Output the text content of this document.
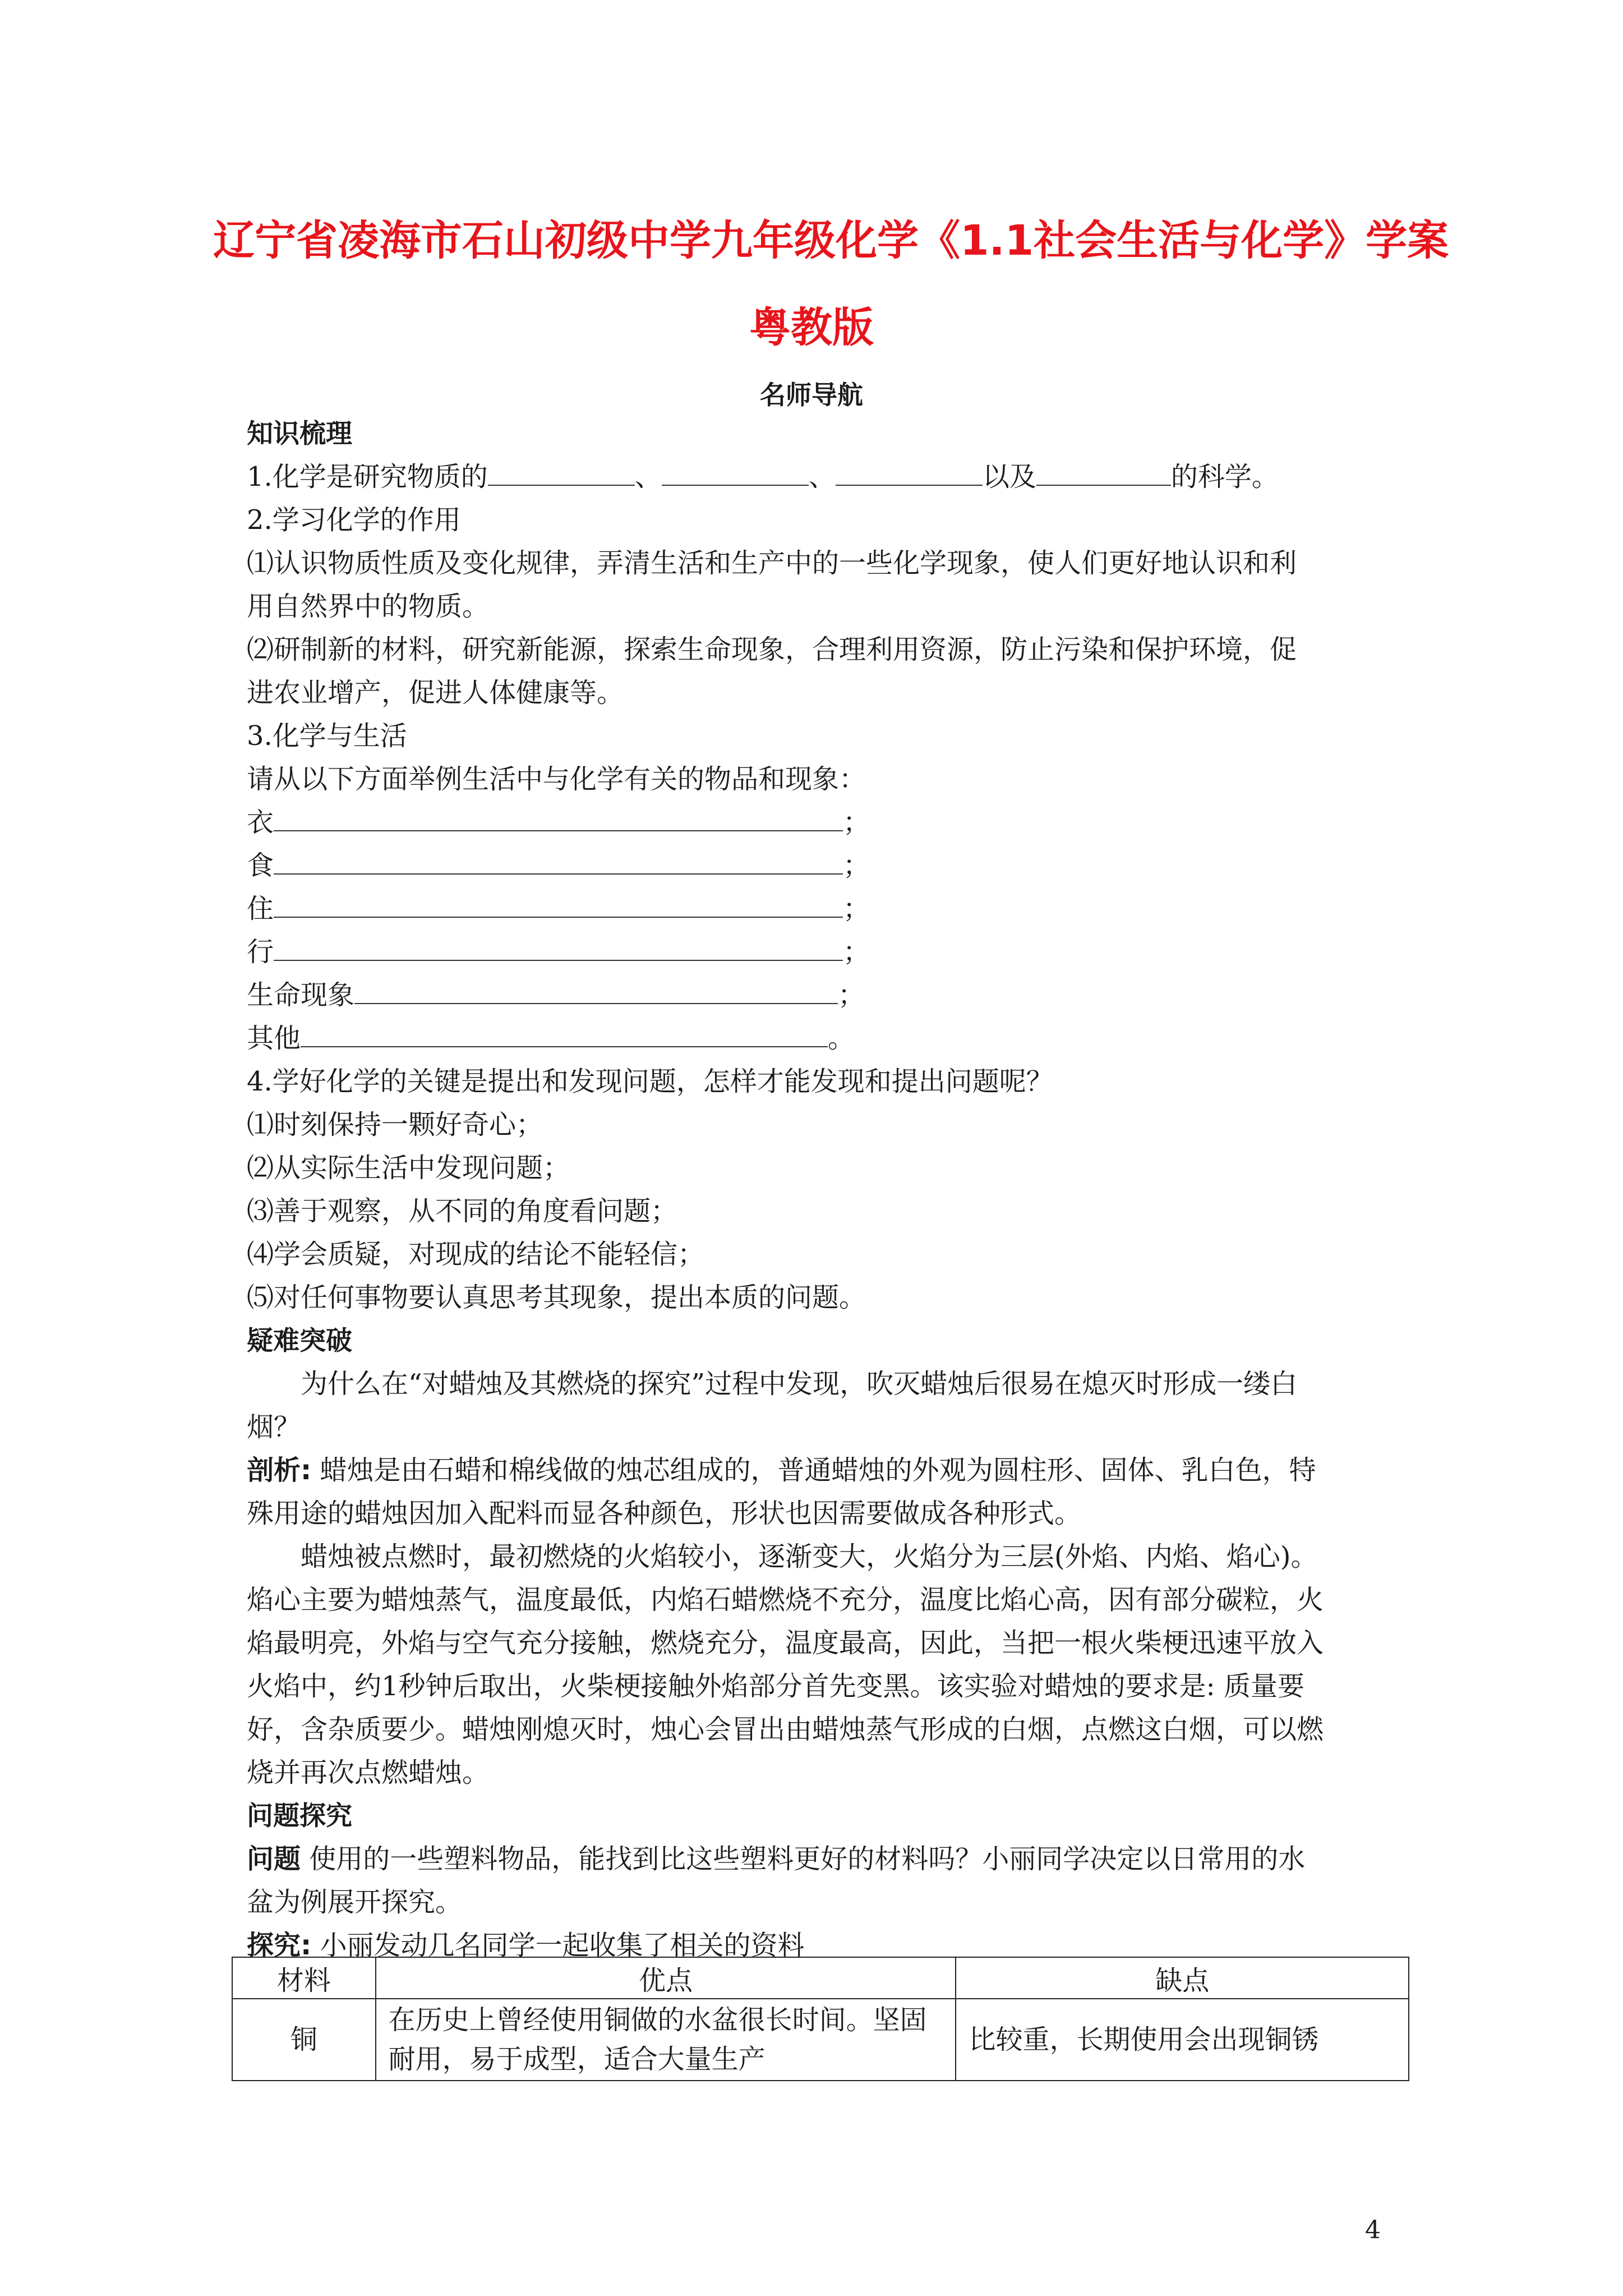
辽宁省凌海市石山初级中学九年级化学《1.1社会生活与化学》学案
粤教版
名师导航
知识梳理
1.化学是研究物质的	、	、	以及	的科学。
2.学习化学的作用
⑴认识物质性质及变化规律，弄清生活和生产中的一些化学现象，使人们更好地认识和利
用自然界中的物质。
⑵研制新的材料，研究新能源，探索生命现象，合理利用资源，防止污染和保护环境，促
进农业增产，促进人体健康等。
3.化学与生活
请从以下方面举例生活中与化学有关的物品和现象：
衣	；
食	；
住	；
行	；
生命现象	；
其他	。
4.学好化学的关键是提出和发现问题，怎样才能发现和提出问题呢？
⑴时刻保持一颗好奇心；
⑵从实际生活中发现问题；
⑶善于观察，从不同的角度看问题；
⑷学会质疑，对现成的结论不能轻信；
⑸对任何事物要认真思考其现象，提出本质的问题。
疑难突破
为什么在“对蜡烛及其燃烧的探究”过程中发现，吹灭蜡烛后很易在熄灭时形成一缕白
烟？
剖析: 蜡烛是由石蜡和棉线做的烛芯组成的，普通蜡烛的外观为圆柱形、固体、乳白色，特
殊用途的蜡烛因加入配料而显各种颜色，形状也因需要做成各种形式。
蜡烛被点燃时，最初燃烧的火焰较小，逐渐变大，火焰分为三层(外焰、内焰、焰心)。
焰心主要为蜡烛蒸气，温度最低，内焰石蜡燃烧不充分，温度比焰心高，因有部分碳粒，火
焰最明亮，外焰与空气充分接触，燃烧充分，温度最高，因此，当把一根火柴梗迅速平放入
火焰中，约1秒钟后取出，火柴梗接触外焰部分首先变黑。该实验对蜡烛的要求是: 质量要
好，含杂质要少。蜡烛刚熄灭时，烛心会冒出由蜡烛蒸气形成的白烟，点燃这白烟，可以燃
烧并再次点燃蜡烛。
问题探究
问题 使用的一些塑料物品，能找到比这些塑料更好的材料吗？小丽同学决定以日常用的水
盆为例展开探究。
探究: 小丽发动几名同学一起收集了相关的资料
材料	优点	缺点
铜	在历史上曾经使用铜做的水盆很长时间。坚固耐用，易于成型，适合大量生产	比较重，长期使用会出现铜锈
4
